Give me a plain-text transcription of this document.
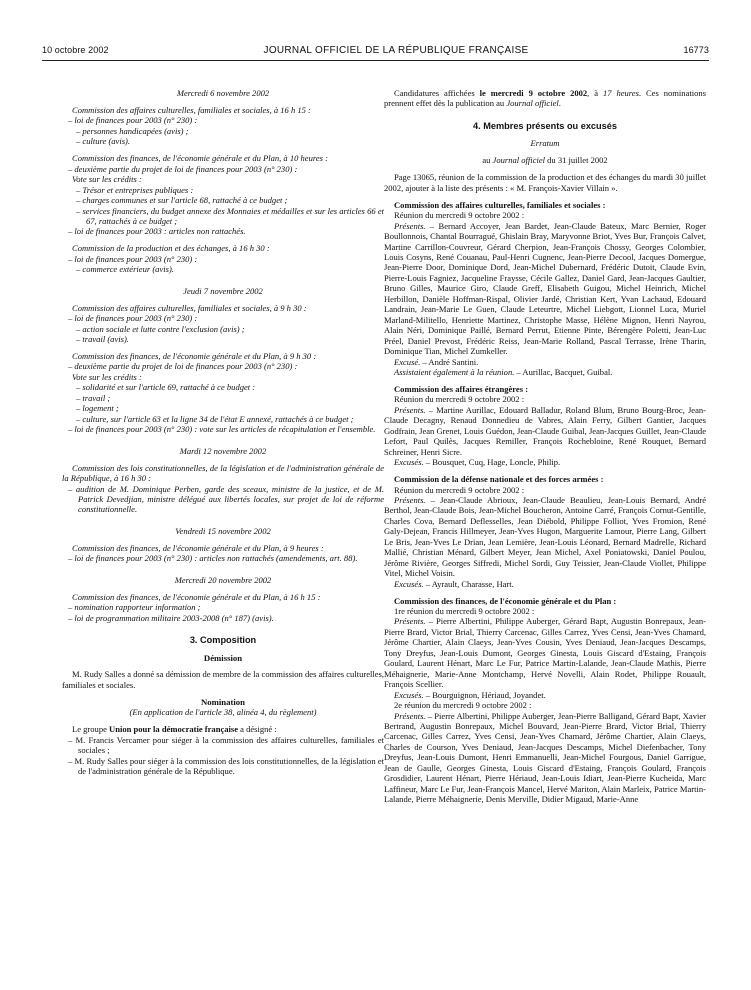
10 octobre 2002	JOURNAL OFFICIEL DE LA RÉPUBLIQUE FRANÇAISE	16773

Mercredi 6 novembre 2002

Commission des affaires culturelles, familiales et sociales, à 16 h 15 :

– loi de finances pour 2003 (n° 230) :

– personnes handicapées (avis) ;

– culture (avis).

Commission des finances, de l'économie générale et du Plan, à 10 heures :

– deuxième partie du projet de loi de finances pour 2003 (n° 230) :

Vote sur les crédits :

– Trésor et entreprises publiques :

– charges communes et sur l'article 68, rattaché à ce budget ;

– services financiers, du budget annexe des Monnaies et médailles et sur les articles 66 et 67, rattachés à ce budget ;

– loi de finances pour 2003 : articles non rattachés.

Commission de la production et des échanges, à 16 h 30 :

– loi de finances pour 2003 (n° 230) :

– commerce extérieur (avis).

Jeudi 7 novembre 2002

Commission des affaires culturelles, familiales et sociales, à 9 h 30 :

– loi de finances pour 2003 (n° 230) :

– action sociale et lutte contre l'exclusion (avis) ;

– travail (avis).

Commission des finances, de l'économie générale et du Plan, à 9 h 30 :

– deuxième partie du projet de loi de finances pour 2003 (n° 230) :

Vote sur les crédits :

– solidarité et sur l'article 69, rattaché à ce budget :

– travail ;

– logement ;

– culture, sur l'article 63 et la ligne 34 de l'état E annexé, rattachés à ce budget ;

– loi de finances pour 2003 (n° 230) : vote sur les articles de récapitulation et l'ensemble.

Mardi 12 novembre 2002

Commission des lois constitutionnelles, de la législation et de l'administration générale de la République, à 16 h 30 :

– audition de M. Dominique Perben, garde des sceaux, ministre de la justice, et de M. Patrick Devedjian, ministre délégué aux libertés locales, sur projet de loi de réforme constitutionnelle.

Vendredi 15 novembre 2002

Commission des finances, de l'économie générale et du Plan, à 9 heures :

– loi de finances pour 2003 (n° 230) : articles non rattachés (amendements, art. 88).

Mercredi 20 novembre 2002

Commission des finances, de l'économie générale et du Plan, à 16 h 15 :

– nomination rapporteur information ;

– loi de programmation militaire 2003-2008 (n° 187) (avis).

3. Composition

Démission

M. Rudy Salles a donné sa démission de membre de la commission des affaires culturelles, familiales et sociales.

Nomination

(En application de l'article 38, alinéa 4, du règlement)

Le groupe Union pour la démocratie française a désigné :

– M. Francis Vercamer pour siéger à la commission des affaires culturelles, familiales et sociales ;

– M. Rudy Salles pour siéger à la commission des lois constitutionnelles, de la législation et de l'administration générale de la République.

Candidatures affichées le mercredi 9 octobre 2002, à 17 heures. Ces nominations prennent effet dès la publication au Journal officiel.

4. Membres présents ou excusés

Erratum

au Journal officiel du 31 juillet 2002

Page 13065, réunion de la commission de la production et des échanges du mardi 30 juillet 2002, ajouter à la liste des présents : « M. François-Xavier Villain ».

Commission des affaires culturelles, familiales et sociales :

Réunion du mercredi 9 octobre 2002 :

Présents. – Bernard Accoyer, Jean Bardet, Jean-Claude Bateux, Marc Bernier, Roger Boullonnois, Chantal Bourragué, Ghislain Bray, Maryvonne Briot, Yves Bur, François Calvet, Martine Carrillon-Couvreur, Gérard Cherpion, Jean-François Chossy, Georges Colombier, Louis Cosyns, René Couanau, Paul-Henri Cugnenc, Jean-Pierre Decool, Jacques Domergue, Jean-Pierre Door, Dominique Dord, Jean-Michel Dubernard, Frédéric Dutoit, Claude Evin, Pierre-Louis Fagniez, Jacqueline Fraysse, Cécile Gallez, Daniel Gard, Jean-Jacques Gaultier, Bruno Gilles, Maurice Giro, Claude Greff, Elisabeth Guigou, Michel Heinrich, Michel Herbillon, Danièle Hoffman-Rispal, Olivier Jardé, Christian Kert, Yvan Lachaud, Edouard Landrain, Jean-Marie Le Guen, Claude Leteurtre, Michel Liebgott, Lionnel Luca, Muriel Marland-Militello, Henriette Martinez, Christophe Masse, Hélène Mignon, Henri Nayrou, Alain Néri, Dominique Paillé, Bernard Perrut, Etienne Pinte, Bérengère Poletti, Jean-Luc Préel, Daniel Prevost, Frédéric Reiss, Jean-Marie Rolland, Pascal Terrasse, Irène Tharin, Dominique Tian, Michel Zumkeller.

Excusé. – André Santini.

Assistaient également à la réunion. – Aurillac, Bacquet, Guibal.

Commission des affaires étrangères :

Réunion du mercredi 9 octobre 2002 :

Présents. – Martine Aurillac, Edouard Balladur, Roland Blum, Bruno Bourg-Broc, Jean-Claude Decagny, Renaud Donnedieu de Vabres, Alain Ferry, Gilbert Gantier, Jacques Godfrain, Jean Grenet, Louis Guédon, Jean-Claude Guibal, Jean-Jacques Guillet, Jean-Claude Lefort, Paul Quilès, Jacques Remiller, François Rochebloine, René Rouquet, Bernard Schreiner, Henri Sicre.

Excusés. – Bousquet, Cuq, Hage, Loncle, Philip.

Commission de la défense nationale et des forces armées :

Réunion du mercredi 9 octobre 2002 :

Présents. – Jean-Claude Abrioux, Jean-Claude Beaulieu, Jean-Louis Bernard, André Berthol, Jean-Claude Bois, Jean-Michel Boucheron, Antoine Carré, François Cornut-Gentille, Charles Cova, Bernard Deflesselles, Jean Diébold, Philippe Folliot, Yves Fromion, René Galy-Dejean, Francis Hillmeyer, Jean-Yves Hugon, Marguerite Lamour, Pierre Lang, Gilbert Le Bris, Jean-Yves Le Drian, Jean Lemière, Jean-Louis Léonard, Bernard Madrelle, Richard Mallié, Christian Ménard, Gilbert Meyer, Jean Michel, Axel Poniatowski, Daniel Poulou, Jérôme Rivière, Georges Siffredi, Michel Sordi, Guy Teissier, Jean-Claude Viollet, Philippe Vitel, Michel Voisin.

Excusés. – Ayrault, Charasse, Hart.

Commission des finances, de l'économie générale et du Plan :

1re réunion du mercredi 9 octobre 2002 :

Présents. – Pierre Albertini, Philippe Auberger, Gérard Bapt, Augustin Bonrepaux, Jean-Pierre Brard, Victor Brial, Thierry Carcenac, Gilles Carrez, Yves Censi, Jean-Yves Chamard, Jérôme Chartier, Alain Claeys, Jean-Yves Cousin, Yves Deniaud, Jean-Jacques Descamps, Tony Dreyfus, Jean-Louis Dumont, Georges Ginesta, Louis Giscard d'Estaing, François Goulard, Laurent Hénart, Marc Le Fur, Patrice Martin-Lalande, Jean-Claude Mathis, Pierre Méhaignerie, Marie-Anne Montchamp, Hervé Novelli, Alain Rodet, Philippe Rouault, François Scellier.

Excusés. – Bourguignon, Hériaud, Joyandet.

2e réunion du mercredi 9 octobre 2002 :

Présents. – Pierre Albertini, Philippe Auberger, Jean-Pierre Balligand, Gérard Bapt, Xavier Bertrand, Augustin Bonrepaux, Michel Bouvard, Jean-Pierre Brard, Victor Brial, Thierry Carcenac, Gilles Carrez, Yves Censi, Jean-Yves Chamard, Jérôme Chartier, Alain Claeys, Charles de Courson, Yves Deniaud, Jean-Jacques Descamps, Michel Diefenbacher, Tony Dreyfus, Jean-Louis Dumont, Henri Emmanuelli, Jean-Michel Fourgous, Daniel Garrigue, Jean de Gaulle, Georges Ginesta, Louis Giscard d'Estaing, François Goulard, François Grosdidier, Laurent Hénart, Pierre Hériaud, Jean-Louis Idiart, Jean-Pierre Kucheida, Marc Laffineur, Marc Le Fur, Jean-François Mancel, Hervé Mariton, Alain Marleix, Patrice Martin-Lalande, Pierre Méhaignerie, Denis Merville, Didier Migaud, Marie-Anne
